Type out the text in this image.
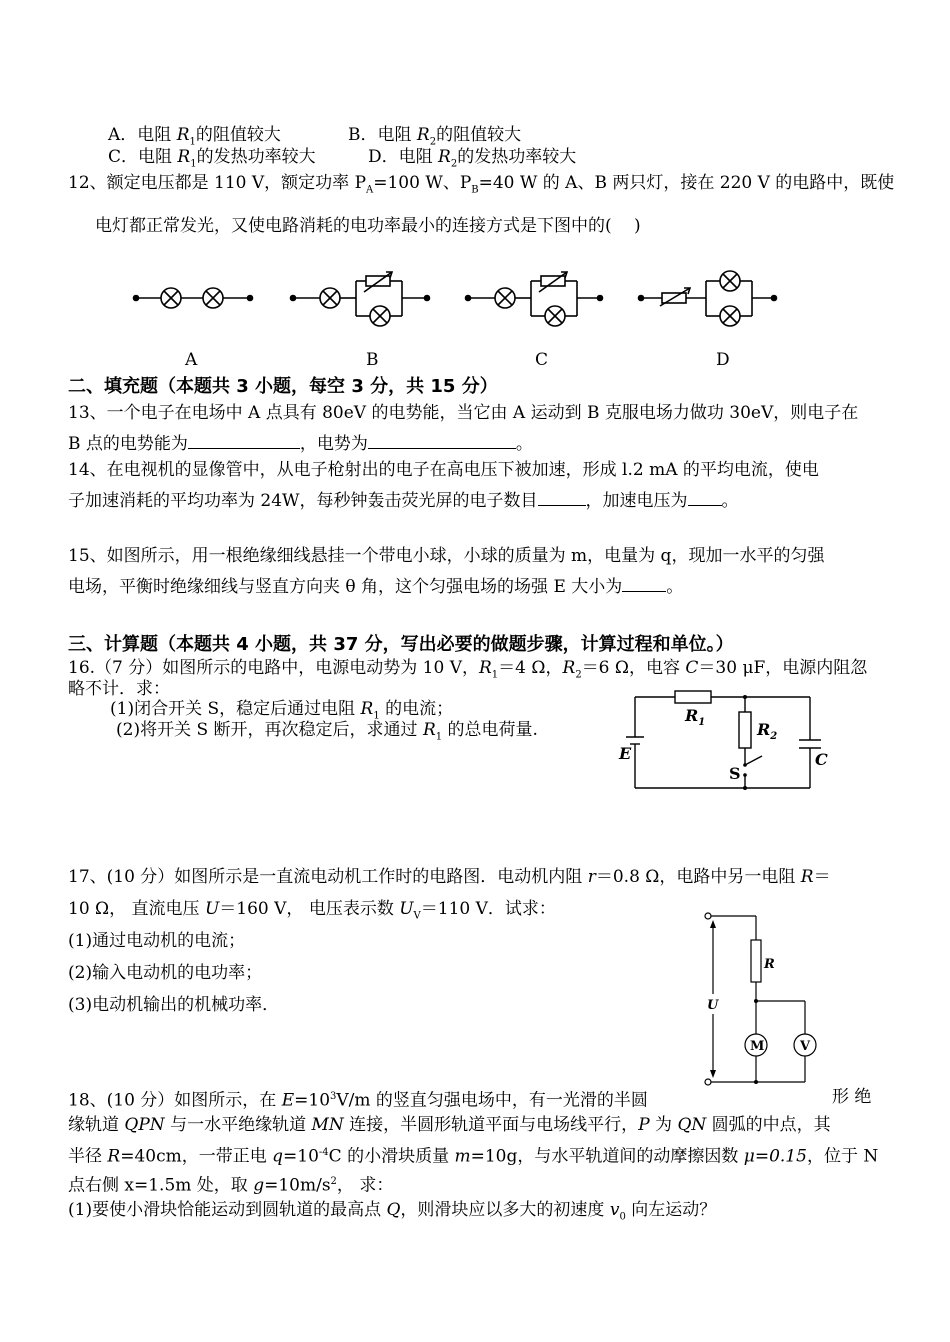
A．电阻 $R_1$的阻值较大	B．电阻 $R_2$的阻值较大
C．电阻 $R_1$的发热功率较大	D．电阻 $R_2$的发热功率较大
12、额定电压都是 110 V，额定功率 $P_A=100$ W、$P_B=40$ W 的 A、B 两只灯，接在 220 V 的电路中，既使
电灯都正常发光，又使电路消耗的电功率最小的连接方式是下图中的(　 )
A	B	C	D
二、填充题（本题共 3 小题，每空 3 分，共 15 分）
13、一个电子在电场中 A 点具有 80eV 的电势能，当它由 A 运动到 B 克服电场力做功 30eV，则电子在
B 点的电势能为	，电势为	。
14、在电视机的显像管中，从电子枪射出的电子在高电压下被加速，形成 l.2 mA 的平均电流，使电
子加速消耗的平均功率为 24W，每秒钟轰击荧光屏的电子数目	，加速电压为 。
15、如图所示，用一根绝缘细线悬挂一个带电小球，小球的质量为 m，电量为 q，现加一水平的匀强
电场，平衡时绝缘细线与竖直方向夹 θ 角，这个匀强电场的场强 E 大小为	。
三、计算题（本题共 4 小题，共 37 分，写出必要的做题步骤，计算过程和单位。）
16.（7 分）如图所示的电路中，电源电动势为 10 V，$R_1=4$ Ω，$R_2=6$ Ω，电容 C＝30 μF，电源内阻忽
略不计．求：
(1)闭合开关 S，稳定后通过电阻 $R_1$ 的电流；
(2)将开关 S 断开，再次稳定后，求通过 $R_1$ 的总电荷量.
$R_1$	$R_2$
E
S
C
17、(10 分）如图所示是一直流电动机工作时的电路图．电动机内阻 r＝0.8 Ω，电路中另一电阻 R＝
10 Ω， 直流电压 U＝160 V， 电压表示数 $U_V=110$ V．试求：
(1)通过电动机的电流；
(2)输入电动机的电功率；
(3)电动机输出的机械功率．
R
U
M	V
18、(10 分）如图所示，在 $E=10^3V/m$ 的竖直匀强电场中，有一光滑的半圆	形 绝
缘轨道 QPN 与一水平绝缘轨道 MN 连接，半圆形轨道平面与电场线平行，P 为 QN 圆弧的中点，其
半径 R=40cm，一带正电 $q=10^{-4}C$ 的小滑块质量 m=10g，与水平轨道间的动摩擦因数 μ=0.15，位于 N
点右侧 x=1.5m 处，取 $g=10m/s^2$， 求：
(1)要使小滑块恰能运动到圆轨道的最高点 Q，则滑块应以多大的初速度 $v_0$ 向左运动？
